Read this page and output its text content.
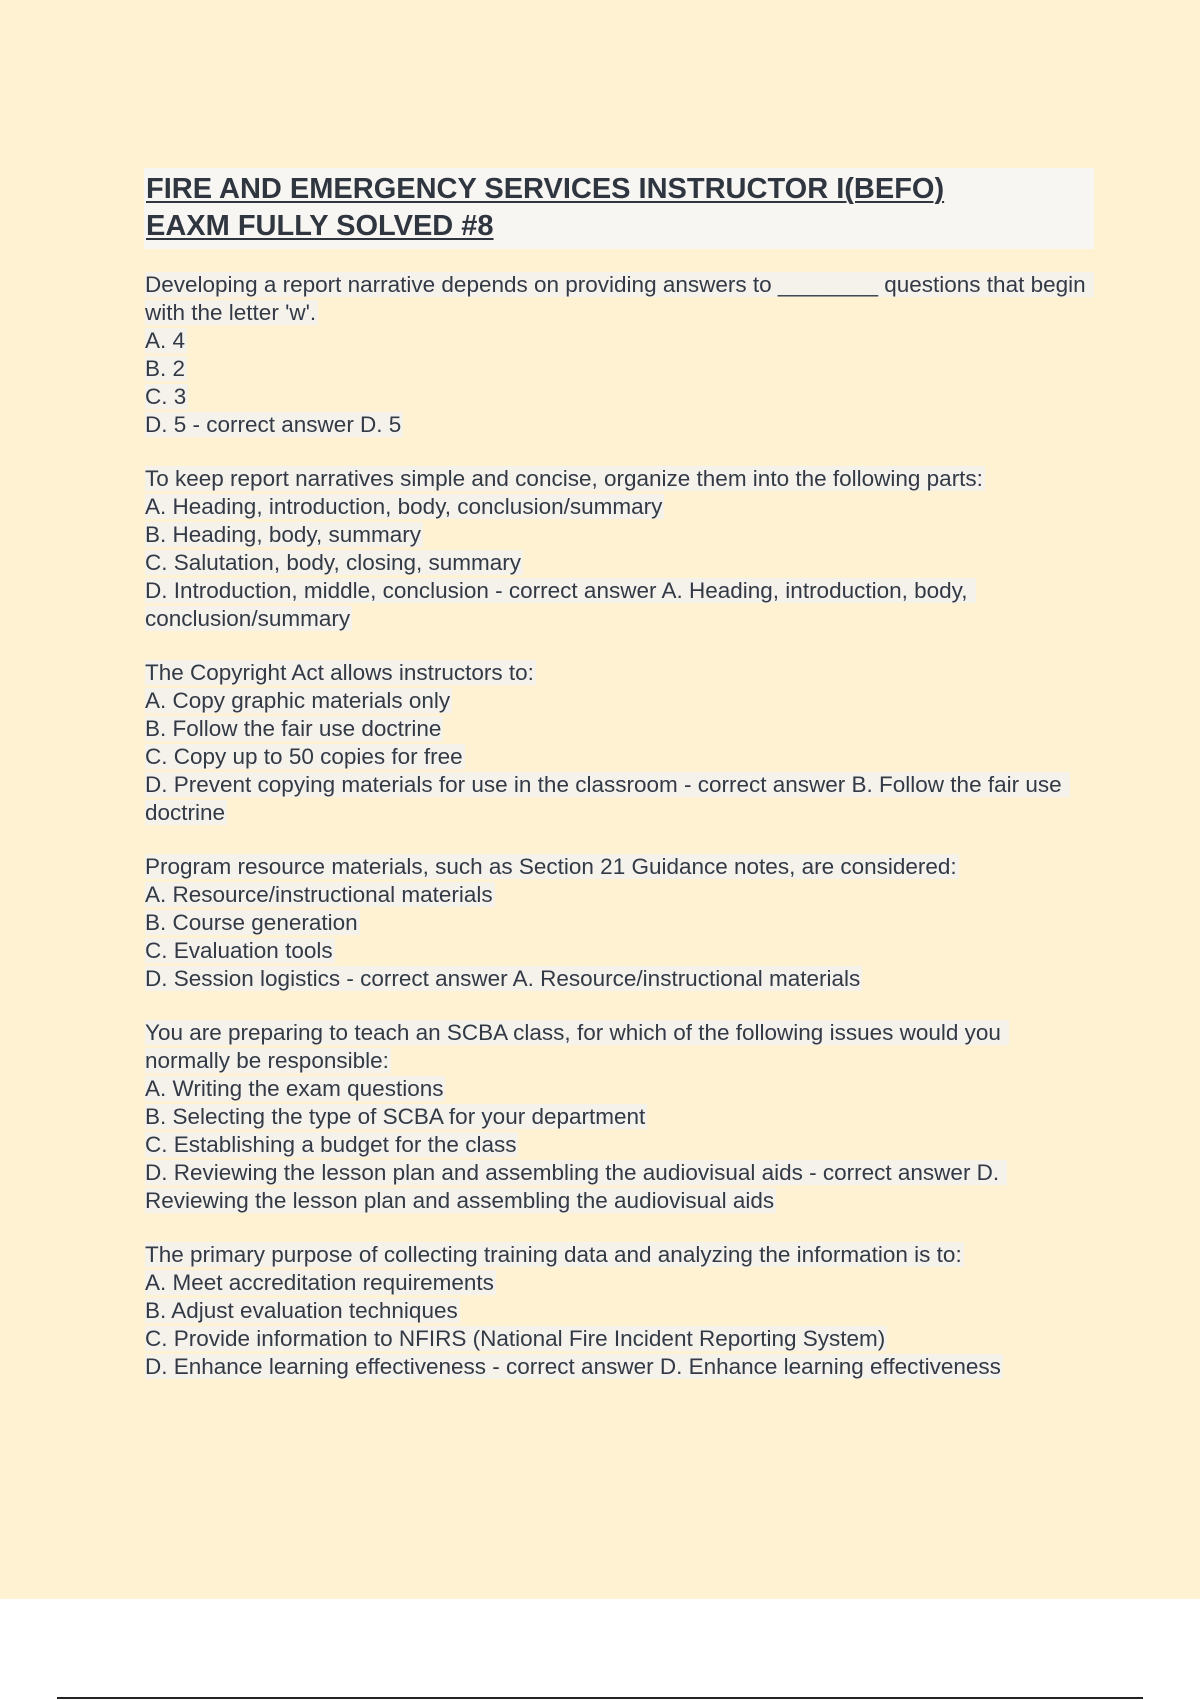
FIRE AND EMERGENCY SERVICES INSTRUCTOR I(BEFO)
EAXM FULLY SOLVED #8
Developing a report narrative depends on providing answers to ________ questions that begin with the letter 'w'.
A. 4
B. 2
C. 3
D. 5 - correct answer D. 5
To keep report narratives simple and concise, organize them into the following parts:
A. Heading, introduction, body, conclusion/summary
B. Heading, body, summary
C. Salutation, body, closing, summary
D. Introduction, middle, conclusion - correct answer A. Heading, introduction, body, conclusion/summary
The Copyright Act allows instructors to:
A. Copy graphic materials only
B. Follow the fair use doctrine
C. Copy up to 50 copies for free
D. Prevent copying materials for use in the classroom - correct answer B. Follow the fair use doctrine
Program resource materials, such as Section 21 Guidance notes, are considered:
A. Resource/instructional materials
B. Course generation
C. Evaluation tools
D. Session logistics - correct answer A. Resource/instructional materials
You are preparing to teach an SCBA class, for which of the following issues would you normally be responsible:
A. Writing the exam questions
B. Selecting the type of SCBA for your department
C. Establishing a budget for the class
D. Reviewing the lesson plan and assembling the audiovisual aids - correct answer D. Reviewing the lesson plan and assembling the audiovisual aids
The primary purpose of collecting training data and analyzing the information is to:
A. Meet accreditation requirements
B. Adjust evaluation techniques
C. Provide information to NFIRS (National Fire Incident Reporting System)
D. Enhance learning effectiveness - correct answer D. Enhance learning effectiveness
